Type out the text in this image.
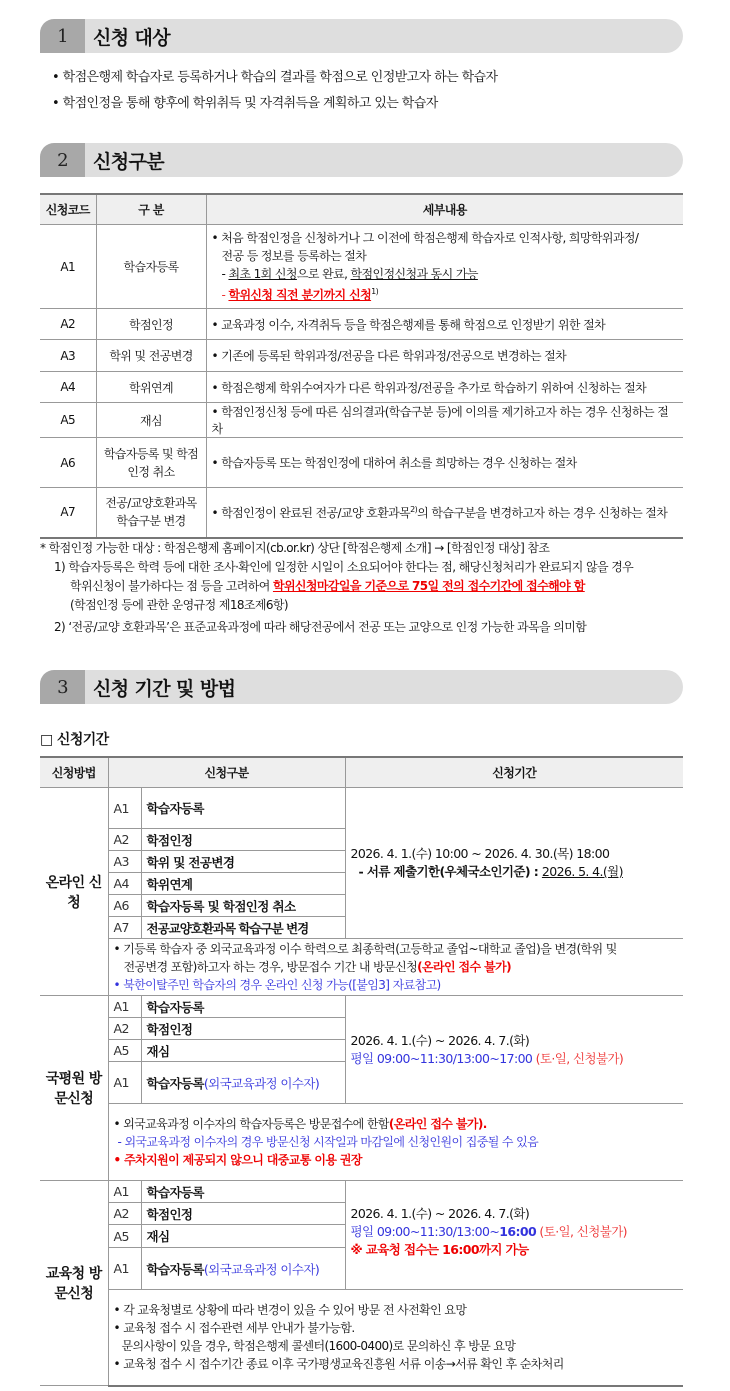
1	신청 대상
• 학점은행제 학습자로 등록하거나 학습의 결과를 학점으로 인정받고자 하는 학습자
• 학점인정을 통해 향후에 학위취득 및 자격취득을 계획하고 있는 학습자
2	신청구분
신청코드	구 분	세부내용
A1	학습자등록	• 처음 학점인정을 신청하거나 그 이전에 학점은행제 학습자로 인적사항, 희망학위과정/
전공 등 정보를 등록하는 절차
- 최초 1회 신청으로 완료, 학점인정신청과 동시 가능
- 학위신청 직전 분기까지 신청$^{1)}$

A2	학점인정	• 교육과정 이수, 자격취득 등을 학점은행제를 통해 학점으로 인정받기 위한 절차
A3	학위 및 전공변경	• 기존에 등록된 학위과정/전공을 다른 학위과정/전공으로 변경하는 절차
A4	학위연계	• 학점은행제 학위수여자가 다른 학위과정/전공을 추가로 학습하기 위하여 신청하는 절차
A5	재심	• 학점인정신청 등에 따른 심의결과(학습구분 등)에 이의를 제기하고자 하는 경우 신청하는 절차
A6	학습자등록 및 학점인정 취소	• 학습자등록 또는 학점인정에 대하여 취소를 희망하는 경우 신청하는 절차
A7	전공/교양호환과목 학습구분 변경	• 학점인정이 완료된 전공/교양 호환과목$^{2)}$의 학습구분을 변경하고자 하는 경우 신청하는 절차
* 학점인정 가능한 대상 : 학점은행제 홈페이지(cb.or.kr) 상단 [학점은행제 소개] → [학점인정 대상] 참조
1) 학습자등록은 학력 등에 대한 조사·확인에 일정한 시일이 소요되어야 한다는 점, 해당신청처리가 완료되지 않을 경우
학위신청이 불가하다는 점 등을 고려하여 학위신청마감일을 기준으로 75일 전의 접수기간에 접수해야 함
(학점인정 등에 관한 운영규정 제18조제6항)
2) ‘전공/교양 호환과목’은 표준교육과정에 따라 해당전공에서 전공 또는 교양으로 인정 가능한 과목을 의미함
3	신청 기간 및 방법
□ 신청기간
신청방법	신청구분		신청기간
온라인 신청	A1	학습자등록	2026. 4. 1.(수) 10:00 ~ 2026. 4. 30.(목) 18:00
- 서류 제출기한(우체국소인기준) : 2026. 5. 4.(월)

	A2	학점인정	
	A3	학위 및 전공변경	
	A4	학위연계	
	A6	학습자등록 및 학점인정 취소	
	A7	전공교양호환과목 학습구분 변경	

	• 기등록 학습자 중 외국교육과정 이수 학력으로 최종학력(고등학교 졸업~대학교 졸업)을 변경(학위 및
전공변경 포함)하고자 하는 경우, 방문접수 기간 내 방문신청(온라인 접수 불가)
• 북한이탈주민 학습자의 경우 온라인 신청 가능([붙임3] 자료참고)		

국평원 방문신청	A1	학습자등록	2026. 4. 1.(수) ~ 2026. 4. 7.(화)
평일 09:00~11:30/13:00~17:00 (토·일, 신청불가)

	A2	학점인정	
	A5	재심	
	A1	학습자등록(외국교육과정 이수자)	

	• 외국교육과정 이수자의 학습자등록은 방문접수에 한함(온라인 접수 불가).
- 외국교육과정 이수자의 경우 방문신청 시작일과 마감일에 신청인원이 집중될 수 있음
• 주차지원이 제공되지 않으니 대중교통 이용 권장		

교육청 방문신청	A1	학습자등록	2026. 4. 1.(수) ~ 2026. 4. 7.(화)
평일 09:00~11:30/13:00~16:00 (토·일, 신청불가)
※ 교육청 접수는 16:00까지 가능

	A2	학점인정	
	A5	재심	
	A1	학습자등록(외국교육과정 이수자)	

	• 각 교육청별로 상황에 따라 변경이 있을 수 있어 방문 전 사전확인 요망
• 교육청 접수 시 접수관련 세부 안내가 불가능함.
문의사항이 있을 경우, 학점은행제 콜센터(1600-0400)로 문의하신 후 방문 요망
• 교육청 접수 시 접수기간 종료 이후 국가평생교육진흥원 서류 이송→서류 확인 후 순차처리		
